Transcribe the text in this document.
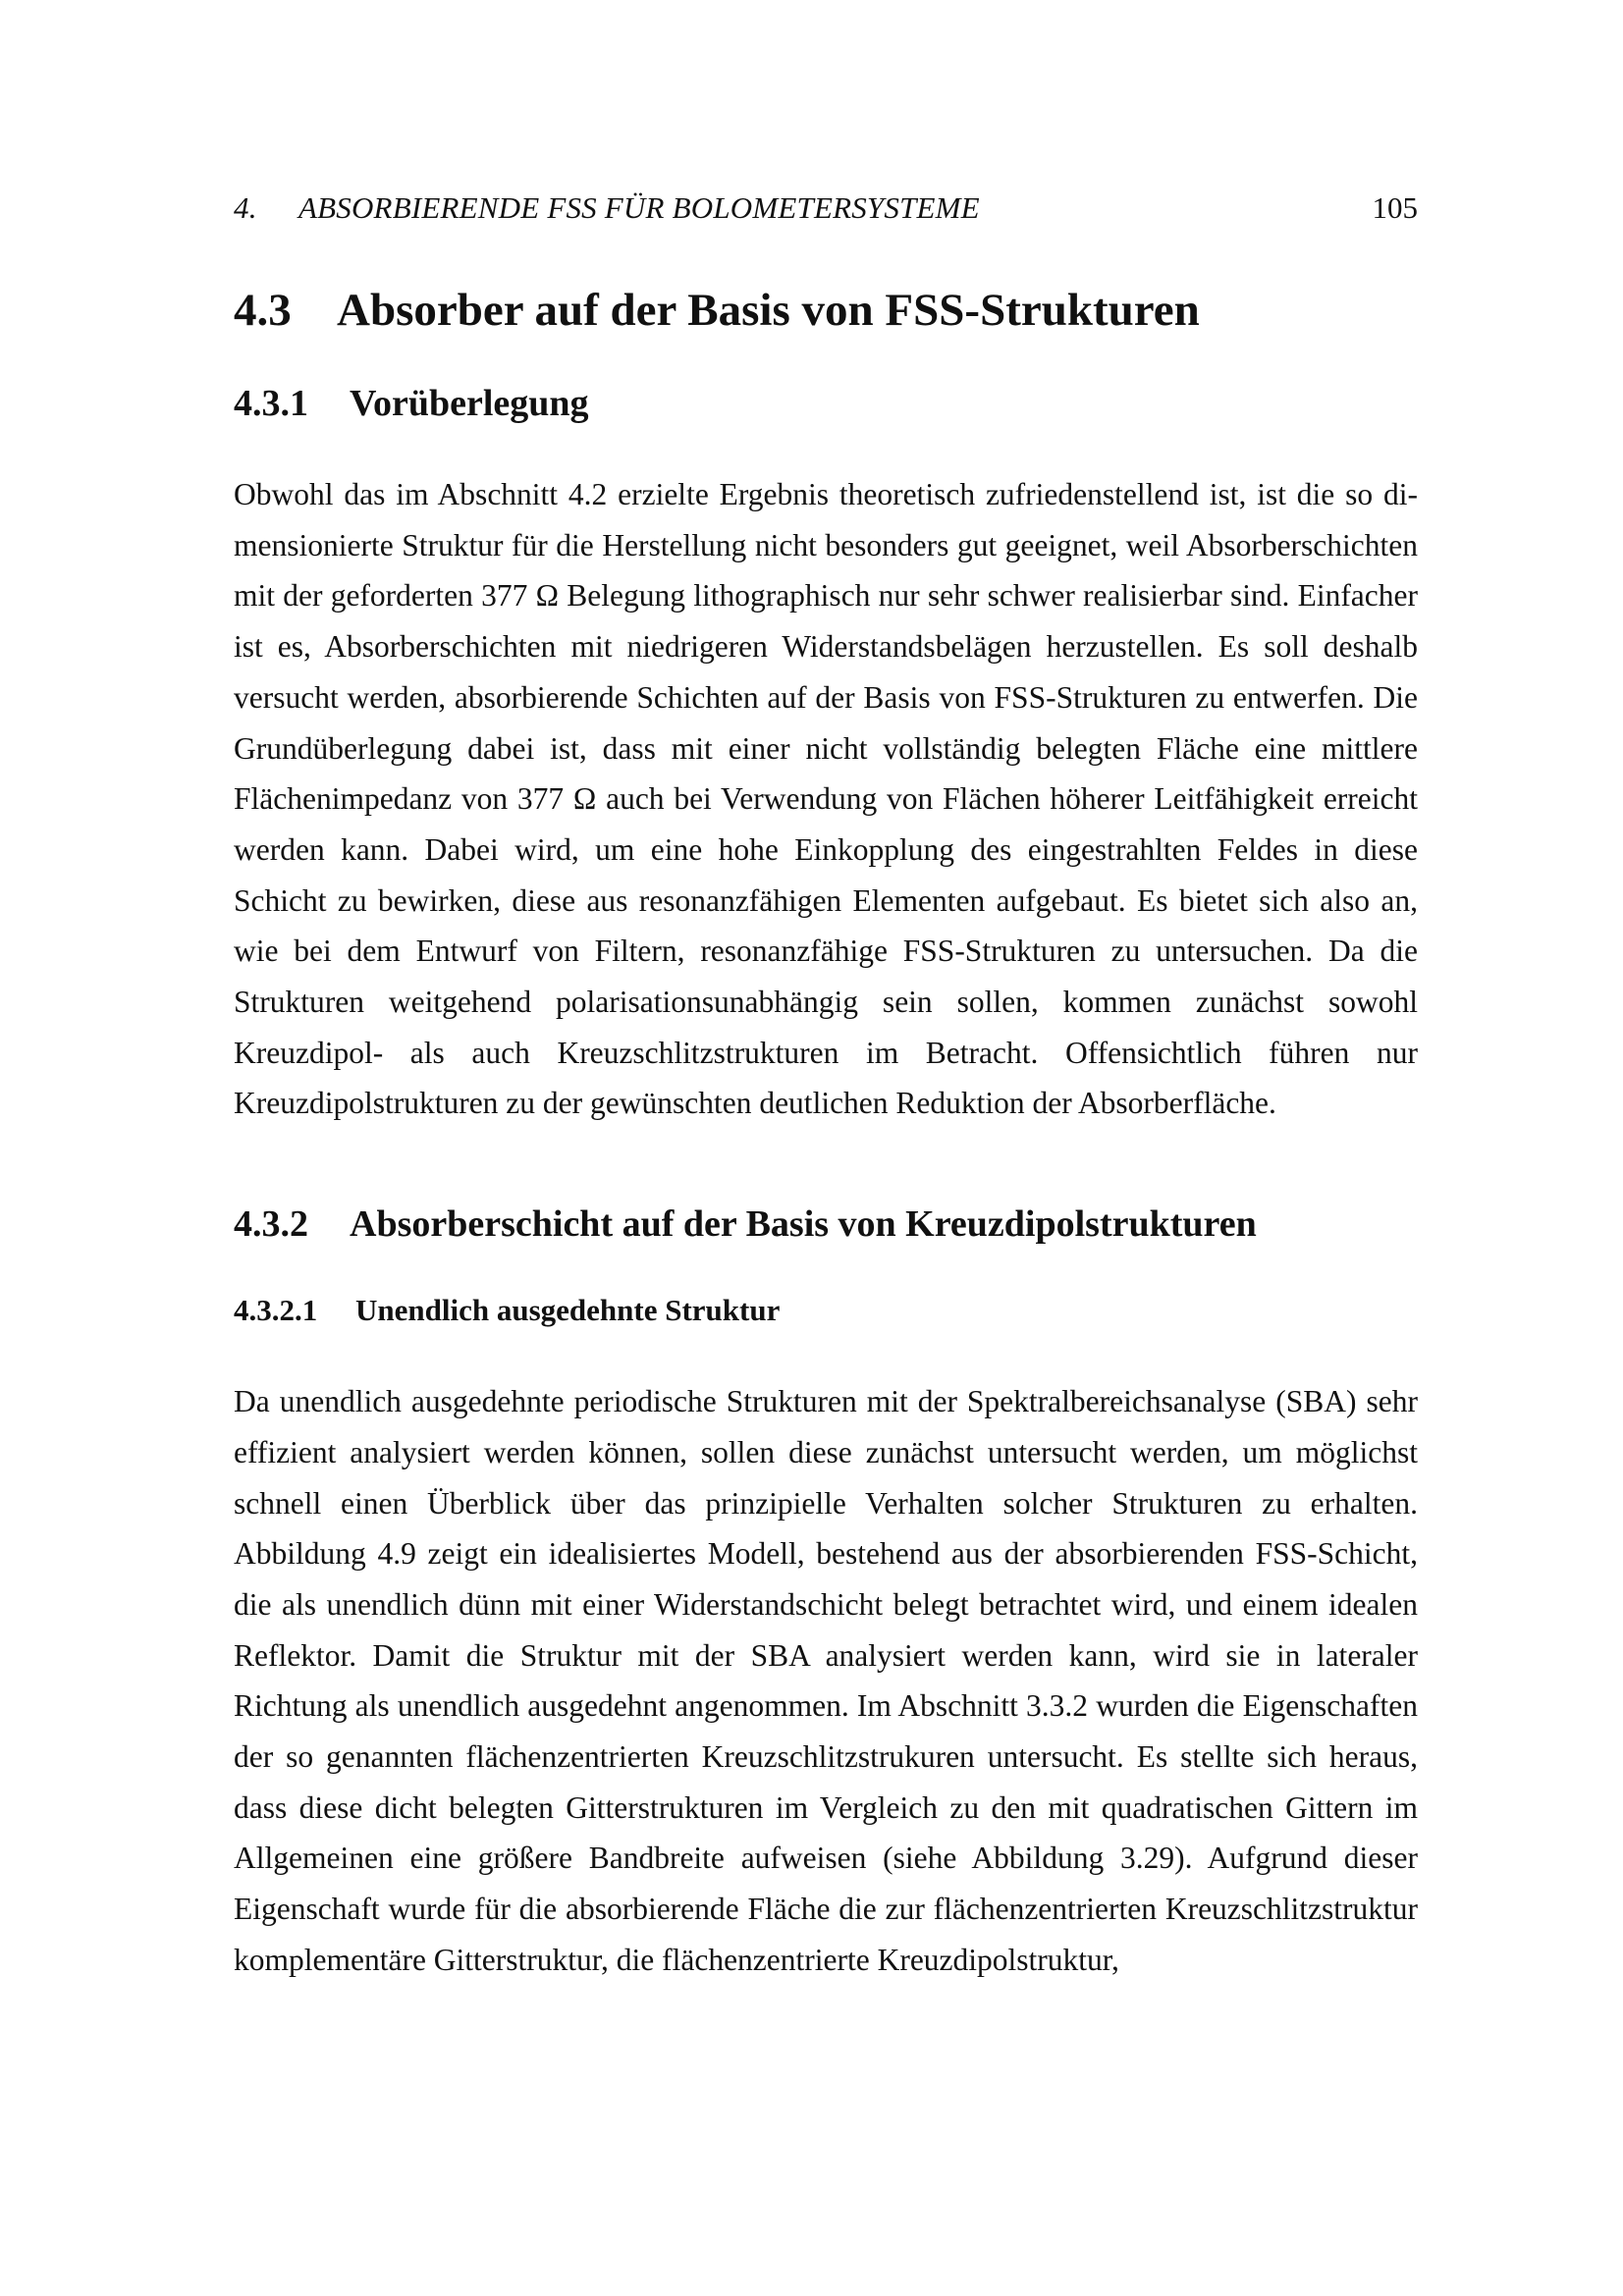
4. ABSORBIERENDE FSS FÜR BOLOMETERSYSTEME	105
4.3 Absorber auf der Basis von FSS-Strukturen
4.3.1 Vorüberlegung

Obwohl das im Abschnitt 4.2 erzielte Ergebnis theoretisch zufriedenstellend ist, ist die so dimensionierte Struktur für die Herstellung nicht besonders gut geeignet, weil Absorberschichten mit der geforderten 377 Ω Belegung lithographisch nur sehr schwer realisierbar sind. Einfacher ist es, Absorberschichten mit niedrigeren Widerstandsbelägen herzustellen. Es soll deshalb versucht werden, absorbierende Schichten auf der Basis von FSS-Strukturen zu entwerfen. Die Grundüberlegung dabei ist, dass mit einer nicht vollständig belegten Fläche eine mittlere Flächenimpedanz von 377 Ω auch bei Verwendung von Flächen höherer Leitfähigkeit erreicht werden kann. Dabei wird, um eine hohe Einkopplung des eingestrahlten Feldes in diese Schicht zu bewirken, diese aus resonanzfähigen Elementen aufgebaut. Es bietet sich also an, wie bei dem Entwurf von Filtern, resonanzfähige FSS-Strukturen zu untersuchen. Da die Strukturen weitgehend polarisationsunabhängig sein sollen, kommen zunächst sowohl Kreuzdipol- als auch Kreuzschlitzstrukturen im Betracht. Offensichtlich führen nur Kreuzdipolstrukturen zu der gewünschten deutlichen Reduktion der Absorberfläche.

4.3.2 Absorberschicht auf der Basis von Kreuzdipolstrukturen
4.3.2.1 Unendlich ausgedehnte Struktur

Da unendlich ausgedehnte periodische Strukturen mit der Spektralbereichsanalyse (SBA) sehr effizient analysiert werden können, sollen diese zunächst untersucht werden, um möglichst schnell einen Überblick über das prinzipielle Verhalten solcher Strukturen zu erhalten. Abbildung 4.9 zeigt ein idealisiertes Modell, bestehend aus der absorbierenden FSS-Schicht, die als unendlich dünn mit einer Widerstandschicht belegt betrachtet wird, und einem idealen Reflektor. Damit die Struktur mit der SBA analysiert werden kann, wird sie in lateraler Richtung als unendlich ausgedehnt angenommen. Im Abschnitt 3.3.2 wurden die Eigenschaften der so genannten flächenzentrierten Kreuzschlitzstrukuren untersucht. Es stellte sich heraus, dass diese dicht belegten Gitterstrukturen im Vergleich zu den mit quadratischen Gittern im Allgemeinen eine größere Bandbreite aufweisen (siehe Abbildung 3.29). Aufgrund dieser Eigenschaft wurde für die absorbierende Fläche die zur flächenzentrierten Kreuzschlitzstruktur komplementäre Gitterstruktur, die flächenzentrierte Kreuzdipolstruktur,
